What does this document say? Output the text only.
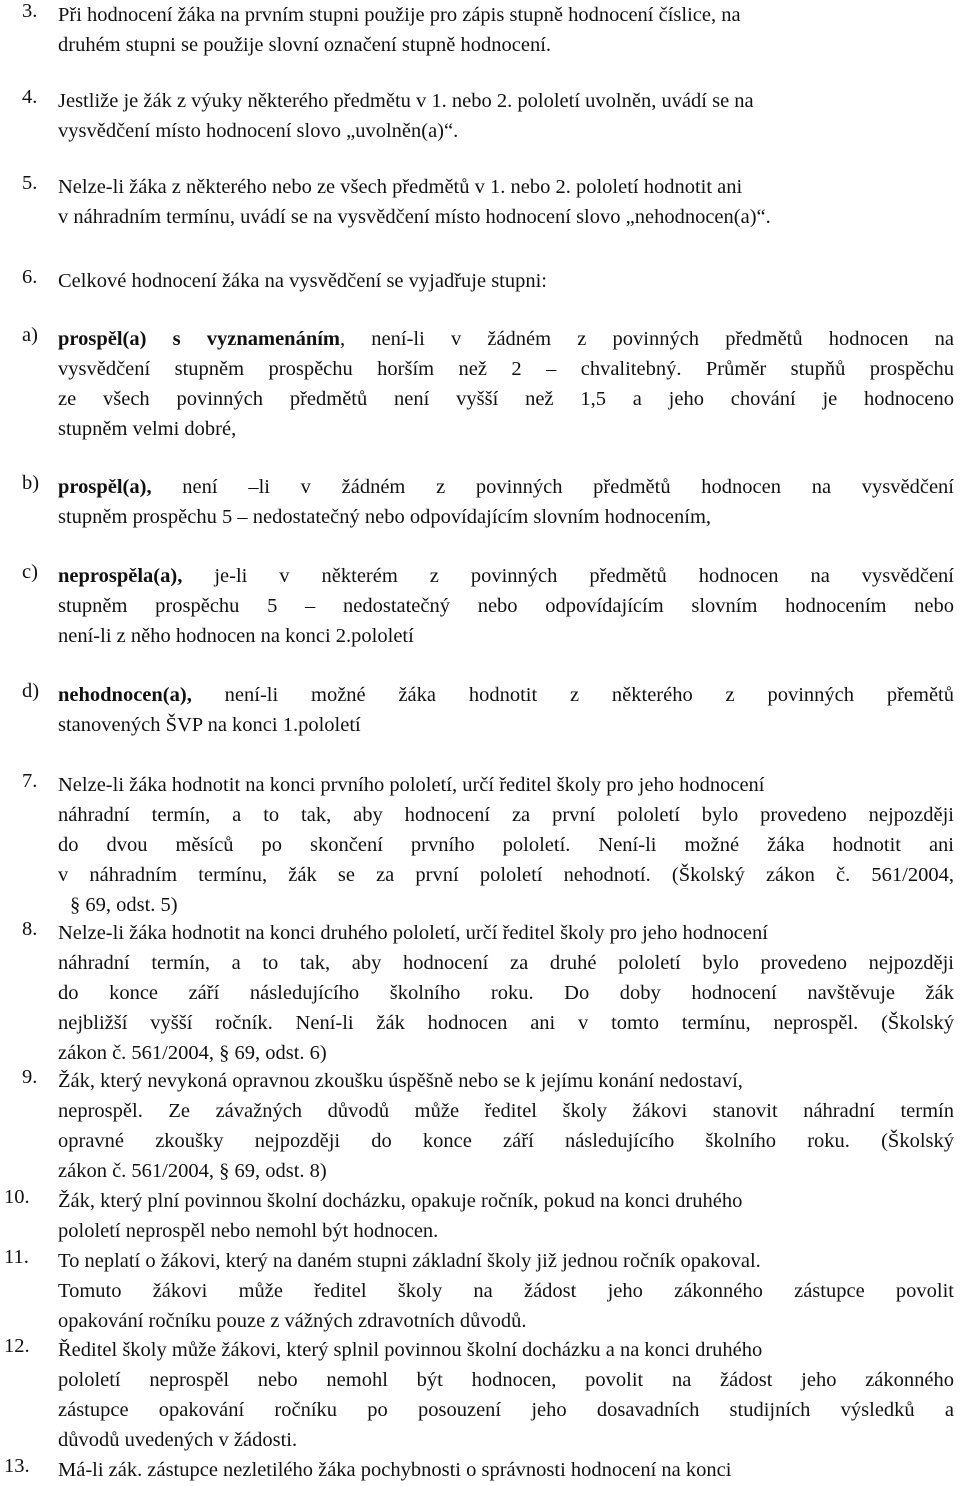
3. Při hodnocení žáka na prvním stupni použije pro zápis stupně hodnocení číslice, na
druhém stupni se použije slovní označení stupně hodnocení.
4. Jestliže je žák z výuky některého předmětu v 1. nebo 2. pololetí uvolněn, uvádí se na
vysvědčení místo hodnocení slovo „uvolněn(a)“.
5. Nelze-li žáka z některého nebo ze všech předmětů v 1. nebo 2. pololetí hodnotit ani
v náhradním termínu, uvádí se na vysvědčení místo hodnocení slovo „nehodnocen(a)“.
6. Celkové hodnocení žáka na vysvědčení se vyjadřuje stupni:
a) prospěl(a) s vyznamenáním, není-li v žádném z povinných předmětů hodnocen na
vysvědčení stupněm prospěchu horším než 2 – chvalitebný. Průměr stupňů prospěchu
ze všech povinných předmětů není vyšší než 1,5 a jeho chování je hodnoceno
stupněm velmi dobré,
b) prospěl(a), není –li v žádném z povinných předmětů hodnocen na vysvědčení
stupněm prospěchu 5 – nedostatečný nebo odpovídajícím slovním hodnocením,
c) neprospěla(a), je-li v některém z povinných předmětů hodnocen na vysvědčení
stupněm prospěchu 5 – nedostatečný nebo odpovídajícím slovním hodnocením nebo
není-li z něho hodnocen na konci 2.pololetí
d) nehodnocen(a), není-li možné žáka hodnotit z některého z povinných přemětů
stanovených ŠVP na konci 1.pololetí
7. Nelze-li žáka hodnotit na konci prvního pololetí, určí ředitel školy pro jeho hodnocení
náhradní termín, a to tak, aby hodnocení za první pololetí bylo provedeno nejpozději
do dvou měsíců po skončení prvního pololetí. Není-li možné žáka hodnotit ani
v náhradním termínu, žák se za první pololetí nehodnotí. (Školský zákon č. 561/2004,
§ 69, odst. 5)
8. Nelze-li žáka hodnotit na konci druhého pololetí, určí ředitel školy pro jeho hodnocení
náhradní termín, a to tak, aby hodnocení za druhé pololetí bylo provedeno nejpozději
do konce září následujícího školního roku. Do doby hodnocení navštěvuje žák
nejbližší vyšší ročník. Není-li žák hodnocen ani v tomto termínu, neprospěl. (Školský
zákon č. 561/2004, § 69, odst. 6)
9. Žák, který nevykoná opravnou zkoušku úspěšně nebo se k jejímu konání nedostaví,
neprospěl. Ze závažných důvodů může ředitel školy žákovi stanovit náhradní termín
opravné zkoušky nejpozději do konce září následujícího školního roku. (Školský
zákon č. 561/2004, § 69, odst. 8)
10. Žák, který plní povinnou školní docházku, opakuje ročník, pokud na konci druhého
pololetí neprospěl nebo nemohl být hodnocen.
11. To neplatí o žákovi, který na daném stupni základní školy již jednou ročník opakoval.
Tomuto žákovi může ředitel školy na žádost jeho zákonného zástupce povolit
opakování ročníku pouze z vážných zdravotních důvodů.
12. Ředitel školy může žákovi, který splnil povinnou školní docházku a na konci druhého
pololetí neprospěl nebo nemohl být hodnocen, povolit na žádost jeho zákonného
zástupce opakování ročníku po posouzení jeho dosavadních studijních výsledků a
důvodů uvedených v žádosti.
13. Má-li zák. zástupce nezletilého žáka pochybnosti o správnosti hodnocení na konci
